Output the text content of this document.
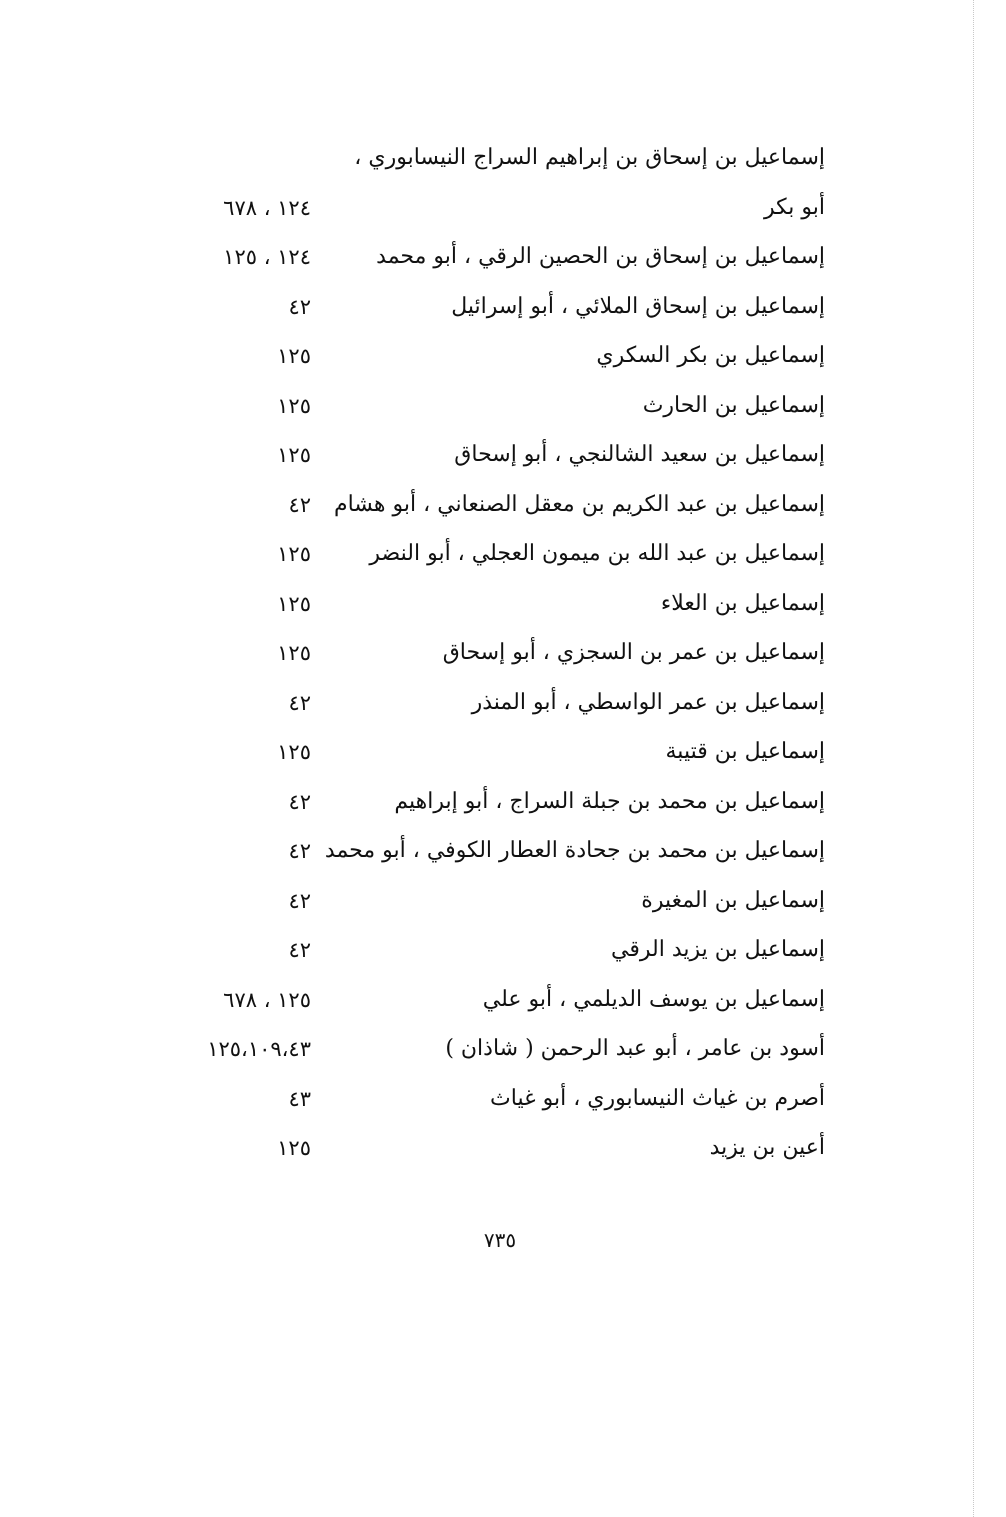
إسماعيل بن إسحاق بن إبراهيم السراج النيسابوري ،
أبو بكر
١٢٤ ، ٦٧٨
إسماعيل بن إسحاق بن الحصين الرقي ، أبو محمد
١٢٤ ، ١٢٥
إسماعيل بن إسحاق الملائي ، أبو إسرائيل
٤٢
إسماعيل بن بكر السكري
١٢٥
إسماعيل بن الحارث
١٢٥
إسماعيل بن سعيد الشالنجي ، أبو إسحاق
١٢٥
إسماعيل بن عبد الكريم بن معقل الصنعاني ، أبو هشام
٤٢
إسماعيل بن عبد الله بن ميمون العجلي ، أبو النضر
١٢٥
إسماعيل بن العلاء
١٢٥
إسماعيل بن عمر بن السجزي ، أبو إسحاق
١٢٥
إسماعيل بن عمر الواسطي ، أبو المنذر
٤٢
إسماعيل بن قتيبة
١٢٥
إسماعيل بن محمد بن جبلة السراج ، أبو إبراهيم
٤٢
إسماعيل بن محمد بن جحادة العطار الكوفي ، أبو محمد
٤٢
إسماعيل بن المغيرة
٤٢
إسماعيل بن يزيد الرقي
٤٢
إسماعيل بن يوسف الديلمي ، أبو علي
١٢٥ ، ٦٧٨
أسود بن عامر ، أبو عبد الرحمن ( شاذان )
١٢٥،١٠٩،٤٣
أصرم بن غياث النيسابوري ، أبو غياث
٤٣
أعين بن يزيد
١٢٥
٧٣٥
